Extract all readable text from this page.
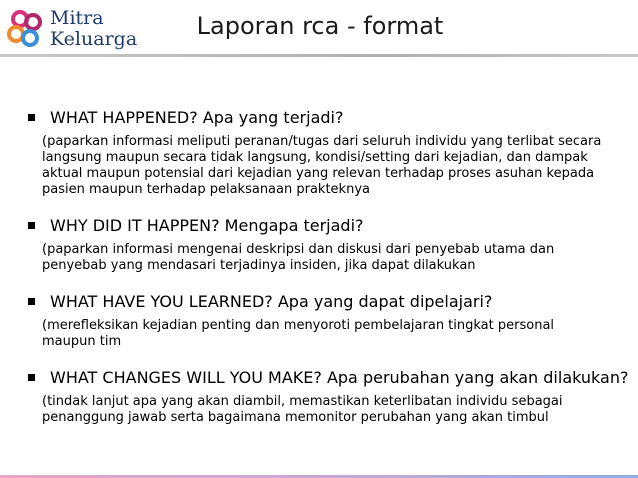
Mitra
Keluarga Laporan rca - format
WHAT HAPPENED? Apa yang terjadi?
(paparkan informasi meliputi peranan/tugas dari seluruh individu yang terlibat secara langsung maupun secara tidak langsung, kondisi/setting dari kejadian, dan dampak aktual maupun potensial dari kejadian yang relevan terhadap proses asuhan kepada pasien maupun terhadap pelaksanaan prakteknya
WHY DID IT HAPPEN? Mengapa terjadi?
(paparkan informasi mengenai deskripsi dan diskusi dari penyebab utama dan penyebab yang mendasari terjadinya insiden, jika dapat dilakukan
WHAT HAVE YOU LEARNED? Apa yang dapat dipelajari?
(merefleksikan kejadian penting dan menyoroti pembelajaran tingkat personal maupun tim
WHAT CHANGES WILL YOU MAKE? Apa perubahan yang akan dilakukan?
(tindak lanjut apa yang akan diambil, memastikan keterlibatan individu sebagai penanggung jawab serta bagaimana memonitor perubahan yang akan timbul
